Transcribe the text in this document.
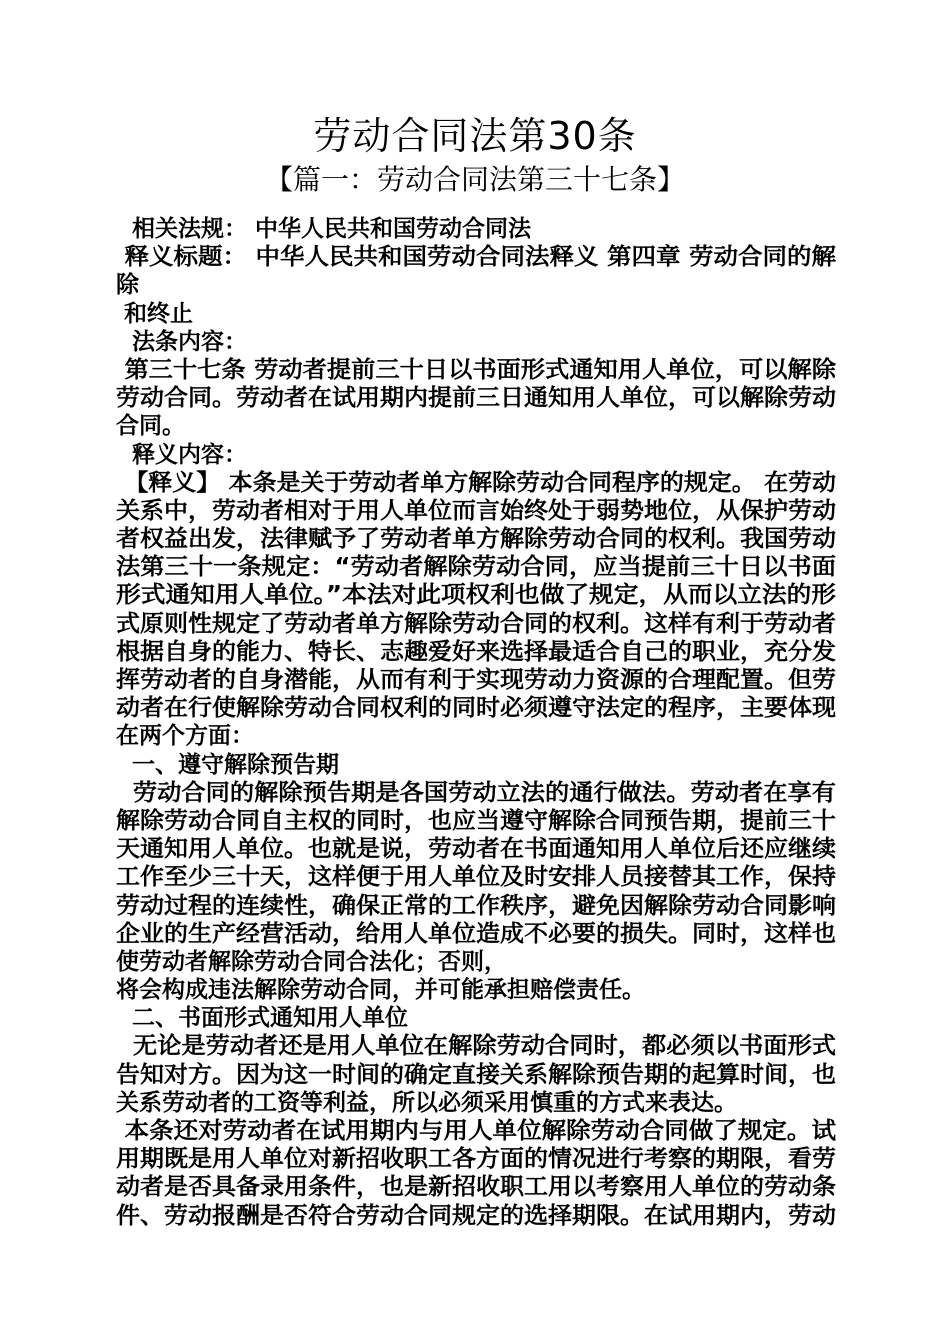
劳动合同法第30条
【篇一：劳动合同法第三十七条】
相关法规： 中华人民共和国劳动合同法
释义标题： 中华人民共和国劳动合同法释义 第四章 劳动合同的解
除
和终止
法条内容：
第三十七条 劳动者提前三十日以书面形式通知用人单位，可以解除
劳动合同。劳动者在试用期内提前三日通知用人单位，可以解除劳动
合同。
释义内容：
【释义】 本条是关于劳动者单方解除劳动合同程序的规定。 在劳动
关系中，劳动者相对于用人单位而言始终处于弱势地位，从保护劳动
者权益出发，法律赋予了劳动者单方解除劳动合同的权利。我国劳动
法第三十一条规定：“劳动者解除劳动合同，应当提前三十日以书面
形式通知用人单位。”本法对此项权利也做了规定，从而以立法的形
式原则性规定了劳动者单方解除劳动合同的权利。这样有利于劳动者
根据自身的能力、特长、志趣爱好来选择最适合自己的职业，充分发
挥劳动者的自身潜能，从而有利于实现劳动力资源的合理配置。但劳
动者在行使解除劳动合同权利的同时必须遵守法定的程序，主要体现
在两个方面：
一、遵守解除预告期
劳动合同的解除预告期是各国劳动立法的通行做法。劳动者在享有
解除劳动合同自主权的同时，也应当遵守解除合同预告期，提前三十
天通知用人单位。也就是说，劳动者在书面通知用人单位后还应继续
工作至少三十天，这样便于用人单位及时安排人员接替其工作，保持
劳动过程的连续性，确保正常的工作秩序，避免因解除劳动合同影响
企业的生产经营活动，给用人单位造成不必要的损失。同时，这样也
使劳动者解除劳动合同合法化；否则，
将会构成违法解除劳动合同，并可能承担赔偿责任。
二、书面形式通知用人单位
无论是劳动者还是用人单位在解除劳动合同时，都必须以书面形式
告知对方。因为这一时间的确定直接关系解除预告期的起算时间，也
关系劳动者的工资等利益，所以必须采用慎重的方式来表达。
本条还对劳动者在试用期内与用人单位解除劳动合同做了规定。试
用期既是用人单位对新招收职工各方面的情况进行考察的期限，看劳
动者是否具备录用条件，也是新招收职工用以考察用人单位的劳动条
件、劳动报酬是否符合劳动合同规定的选择期限。在试用期内，劳动
